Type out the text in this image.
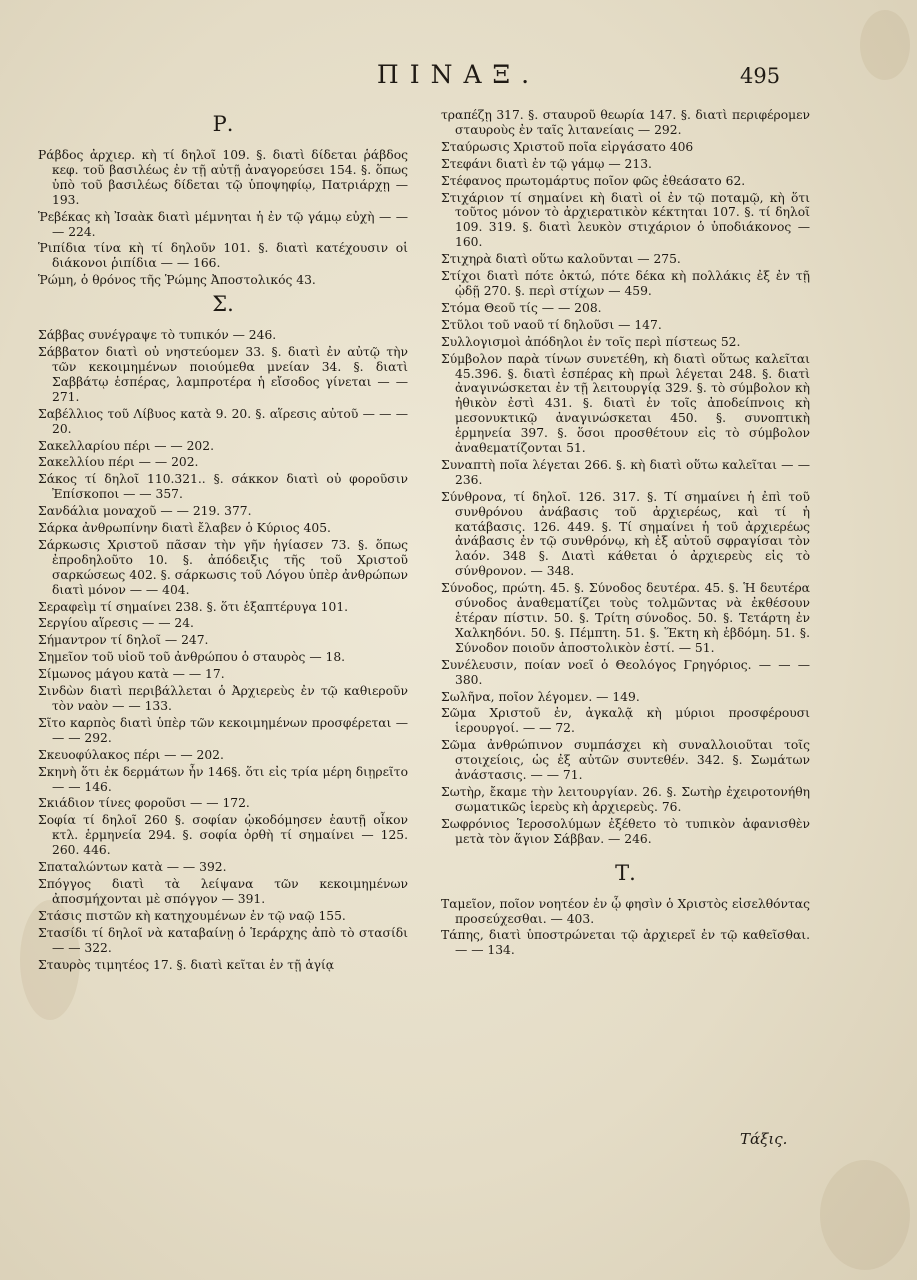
ΠΙΝΑΞ.	495
Ρ.
Ράβδος ἀρχιερ. κὴ τί δηλοῖ 109. §. διατὶ δίδεται ῥάβδος κεφ. τοῦ βασιλέως ἐν τῇ αὐτῇ ἀναγορεύσει 154. §. ὅπως ὑπὸ τοῦ βασιλέως δίδεται τῷ ὑποψηφίῳ, Πατριάρχῃ — 193.
Ῥεβέκας κὴ Ἰσαὰκ διατὶ μέμνηται ἡ ἐν τῷ γάμῳ εὐχὴ — — — 224.
Ῥιπίδια τίνα κὴ τί δηλοῦν 101. §. διατὶ κατέχουσιν οἱ διάκονοι ῥιπίδια — — 166.
Ῥώμη, ὁ θρόνος τῆς Ῥώμης Ἀποστολικός 43.
Σ.
Σάββας συνέγραψε τὸ τυπικόν — 246.
Σάββατον διατὶ οὐ νηστεύομεν 33. §. διατὶ ἐν αὐτῷ τὴν τῶν κεκοιμημένων ποιούμεθα μνείαν 34. §. διατὶ Σαββάτῳ ἑσπέρας, λαμπροτέρα ἡ εἴσοδος γίνεται — — 271.
Σαβέλλιος τοῦ Λίβυος κατὰ 9. 20. §. αἵρεσις αὐτοῦ — — — 20.
Σακελλαρίου πέρι — — 202.
Σακελλίου πέρι — — 202.
Σάκος τί δηλοῖ 110.321.. §. σάκκον διατὶ οὐ φοροῦσιν Ἐπίσκοποι — — 357.
Σανδάλια μοναχοῦ — — 219. 377.
Σάρκα ἀνθρωπίνην διατὶ ἔλαβεν ὁ Κύριος 405.
Σάρκωσις Χριστοῦ πᾶσαν τὴν γῆν ἡγίασεν 73. §. ὅπως ἐπροδηλοῦτο 10. §. ἀπόδειξις τῆς τοῦ Χριστοῦ σαρκώσεως 402. §. σάρκωσις τοῦ Λόγου ὑπὲρ ἀνθρώπων διατὶ μόνον — — 404.
Σεραφεὶμ τί σημαίνει 238. §. ὅτι ἑξαπτέρυγα 101.
Σεργίου αἵρεσις — — 24.
Σήμαντρον τί δηλοῖ — 247.
Σημεῖον τοῦ υἱοῦ τοῦ ἀνθρώπου ὁ σταυρὸς — 18.
Σίμωνος μάγου κατὰ — — 17.
Σινδὼν διατὶ περιβάλλεται ὁ Ἀρχιερεὺς ἐν τῷ καθιεροῦν τὸν ναὸν — — 133.
Σῖτο καρπὸς διατὶ ὑπὲρ τῶν κεκοιμημένων προσφέρεται — — — 292.
Σκευοφύλακος πέρι — — 202.
Σκηνὴ ὅτι ἐκ δερμάτων ἦν 146§. ὅτι εἰς τρία μέρη διῃρεῖτο — — 146.
Σκιάδιον τίνες φοροῦσι — — 172.
Σοφία τί δηλοῖ 260 §. σοφίαν ᾠκοδόμησεν ἑαυτῇ οἶκον κτλ. ἑρμηνεία 294. §. σοφία ὀρθὴ τί σημαίνει — 125. 260. 446.
Σπαταλώντων κατὰ — — 392.
Σπόγγος διατὶ τὰ λείψανα τῶν κεκοιμημένων ἀποσμήχονται μὲ σπόγγον — 391.
Στάσις πιστῶν κὴ κατηχουμένων ἐν τῷ ναῷ 155.
Στασίδι τί δηλοῖ νὰ καταβαίνῃ ὁ Ἱεράρχης ἀπὸ τὸ στασίδι — — 322.
Σταυρὸς τιμητέος 17. §. διατὶ κεῖται ἐν τῇ ἁγίᾳ
τραπέζῃ 317. §. σταυροῦ θεωρία 147. §. διατὶ περιφέρομεν σταυροὺς ἐν ταῖς λιτανείαις — 292.
Σταύρωσις Χριστοῦ ποῖα εἰργάσατο 406
Στεφάνι διατὶ ἐν τῷ γάμῳ — 213.
Στέφανος πρωτομάρτυς ποῖον φῶς ἐθεάσατο 62.
Στιχάριον τί σημαίνει κὴ διατὶ οἱ ἐν τῷ ποταμῷ, κὴ ὅτι τοῦτος μόνον τὸ ἀρχιερατικὸν κέκτηται 107. §. τί δηλοῖ 109. 319. §. διατὶ λευκὸν στιχάριον ὁ ὑποδιάκονος — 160.
Στιχηρὰ διατὶ οὕτω καλοῦνται — 275.
Στίχοι διατὶ πότε ὀκτώ, πότε δέκα κὴ πολλάκις ἐξ ἐν τῇ ᾠδῇ 270. §. περὶ στίχων — 459.
Στόμα Θεοῦ τίς — — 208.
Στῦλοι τοῦ ναοῦ τί δηλοῦσι — 147.
Συλλογισμοὶ ἀπόδηλοι ἐν τοῖς περὶ πίστεως 52.
Σύμβολον παρὰ τίνων συνετέθη, κὴ διατὶ οὕτως καλεῖται 45.396. §. διατὶ ἑσπέρας κὴ πρωὶ λέγεται 248. §. διατὶ ἀναγινώσκεται ἐν τῇ λειτουργίᾳ 329. §. τὸ σύμβολον κὴ ἠθικὸν ἐστὶ 431. §. διατὶ ἐν τοῖς ἀποδείπνοις κὴ μεσονυκτικῷ ἀναγινώσκεται 450. §. συνοπτικὴ ἑρμηνεία 397. §. ὅσοι προσθέτουν εἰς τὸ σύμβολον ἀναθεματίζονται 51.
Συναπτὴ ποῖα λέγεται 266. §. κὴ διατὶ οὕτω καλεῖται — — 236.
Σύνθρονα, τί δηλοῖ. 126. 317. §. Τί σημαίνει ἡ ἐπὶ τοῦ συνθρόνου ἀνάβασις τοῦ ἀρχιερέως, καὶ τί ἡ κατάβασις. 126. 449. §. Τί σημαίνει ἡ τοῦ ἀρχιερέως ἀνάβασις ἐν τῷ συνθρόνῳ, κὴ ἐξ αὐτοῦ σφραγίσαι τὸν λαόν. 348 §. Διατὶ κάθεται ὁ ἀρχιερεὺς εἰς τὸ σύνθρονον. — 348.
Σύνοδος, πρώτη. 45. §. Σύνοδος δευτέρα. 45. §. Ἡ δευτέρα σύνοδος ἀναθεματίζει τοὺς τολμῶντας νὰ ἐκθέσουν ἑτέραν πίστιν. 50. §. Τρίτη σύνοδος. 50. §. Τετάρτη ἐν Χαλκηδόνι. 50. §. Πέμπτη. 51. §. Ἕκτη κὴ ἑβδόμη. 51. §. Σύνοδον ποιοῦν ἀποστολικὸν ἐστί. — 51.
Συνέλευσιν, ποίαν νοεῖ ὁ Θεολόγος Γρηγόριος. — — — 380.
Σωλῆνα, ποῖον λέγομεν. — 149.
Σῶμα Χριστοῦ ἐν, ἀγκαλᾷ κὴ μύριοι προσφέρουσι ἱερουργοί. — — 72.
Σῶμα ἀνθρώπινον συμπάσχει κὴ συναλλοιοῦται τοῖς στοιχείοις, ὡς ἐξ αὐτῶν συντεθέν. 342. §. Σωμάτων ἀνάστασις. — — 71.
Σωτὴρ, ἔκαμε τὴν λειτουργίαν. 26. §. Σωτὴρ ἐχειροτονήθη σωματικῶς ἱερεὺς κὴ ἀρχιερεὺς. 76.
Σωφρόνιος Ἱεροσολύμων ἐξέθετο τὸ τυπικὸν ἀφανισθὲν μετὰ τὸν ἅγιον Σάββαν. — 246.
Τ.
Ταμεῖον, ποῖον νοητέον ἐν ᾧ φησὶν ὁ Χριστὸς εἰσελθόντας προσεύχεσθαι. — 403.
Τάπης, διατὶ ὑποστρώνεται τῷ ἀρχιερεῖ ἐν τῷ καθεῖσθαι. — — 134.
Τάξις.
